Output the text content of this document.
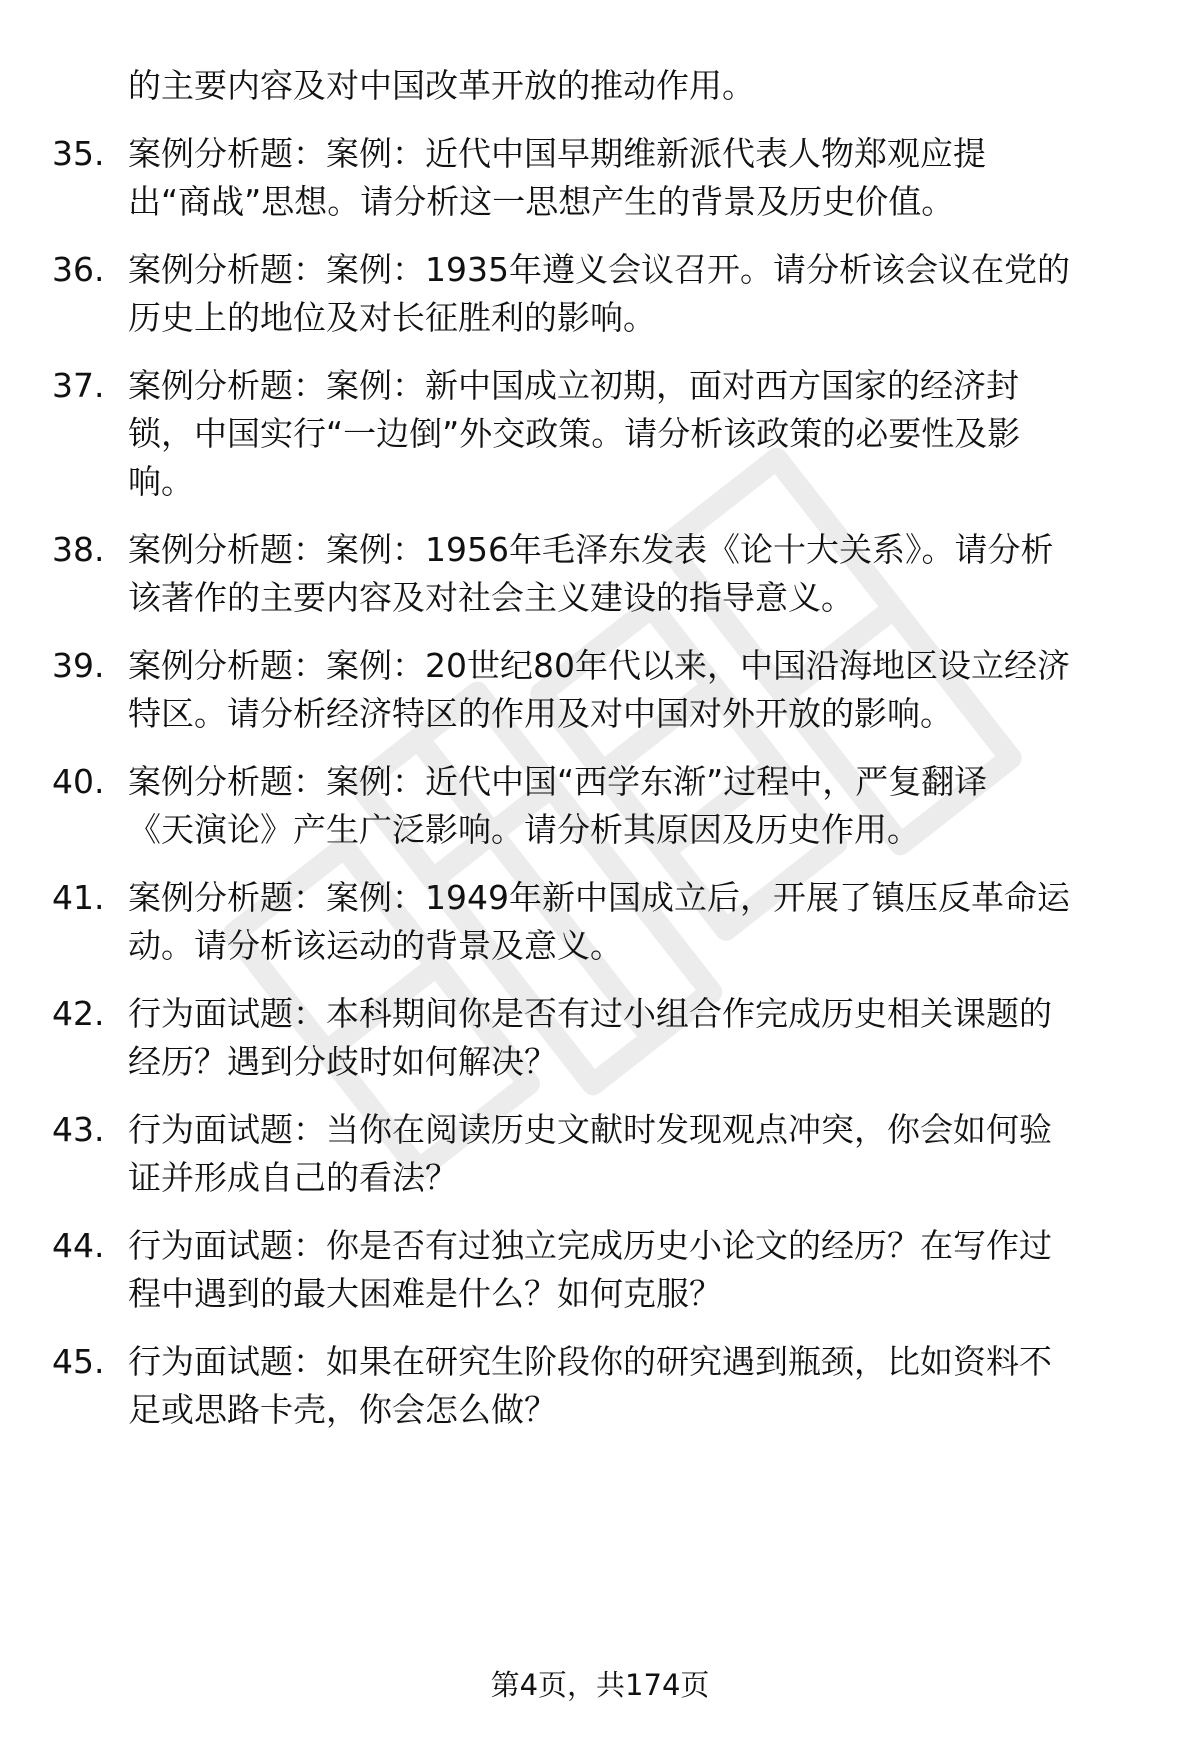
的主要内容及对中国改革开放的推动作用。

35. 案例分析题：案例：近代中国早期维新派代表人物郑观应提
出“商战”思想。请分析这一思想产生的背景及历史价值。

36. 案例分析题：案例：1935年遵义会议召开。请分析该会议在党的
历史上的地位及对长征胜利的影响。

37. 案例分析题：案例：新中国成立初期，面对西方国家的经济封
锁，中国实行“一边倒”外交政策。请分析该政策的必要性及影
响。

38. 案例分析题：案例：1956年毛泽东发表《论十大关系》。请分析
该著作的主要内容及对社会主义建设的指导意义。

39. 案例分析题：案例：20世纪80年代以来，中国沿海地区设立经济
特区。请分析经济特区的作用及对中国对外开放的影响。

40. 案例分析题：案例：近代中国“西学东渐”过程中，严复翻译
《天演论》产生广泛影响。请分析其原因及历史作用。

41. 案例分析题：案例：1949年新中国成立后，开展了镇压反革命运
动。请分析该运动的背景及意义。

42. 行为面试题：本科期间你是否有过小组合作完成历史相关课题的
经历？遇到分歧时如何解决？

43. 行为面试题：当你在阅读历史文献时发现观点冲突，你会如何验
证并形成自己的看法？

44. 行为面试题：你是否有过独立完成历史小论文的经历？在写作过
程中遇到的最大困难是什么？如何克服？

45. 行为面试题：如果在研究生阶段你的研究遇到瓶颈，比如资料不
足或思路卡壳，你会怎么做？

第4页，共174页
